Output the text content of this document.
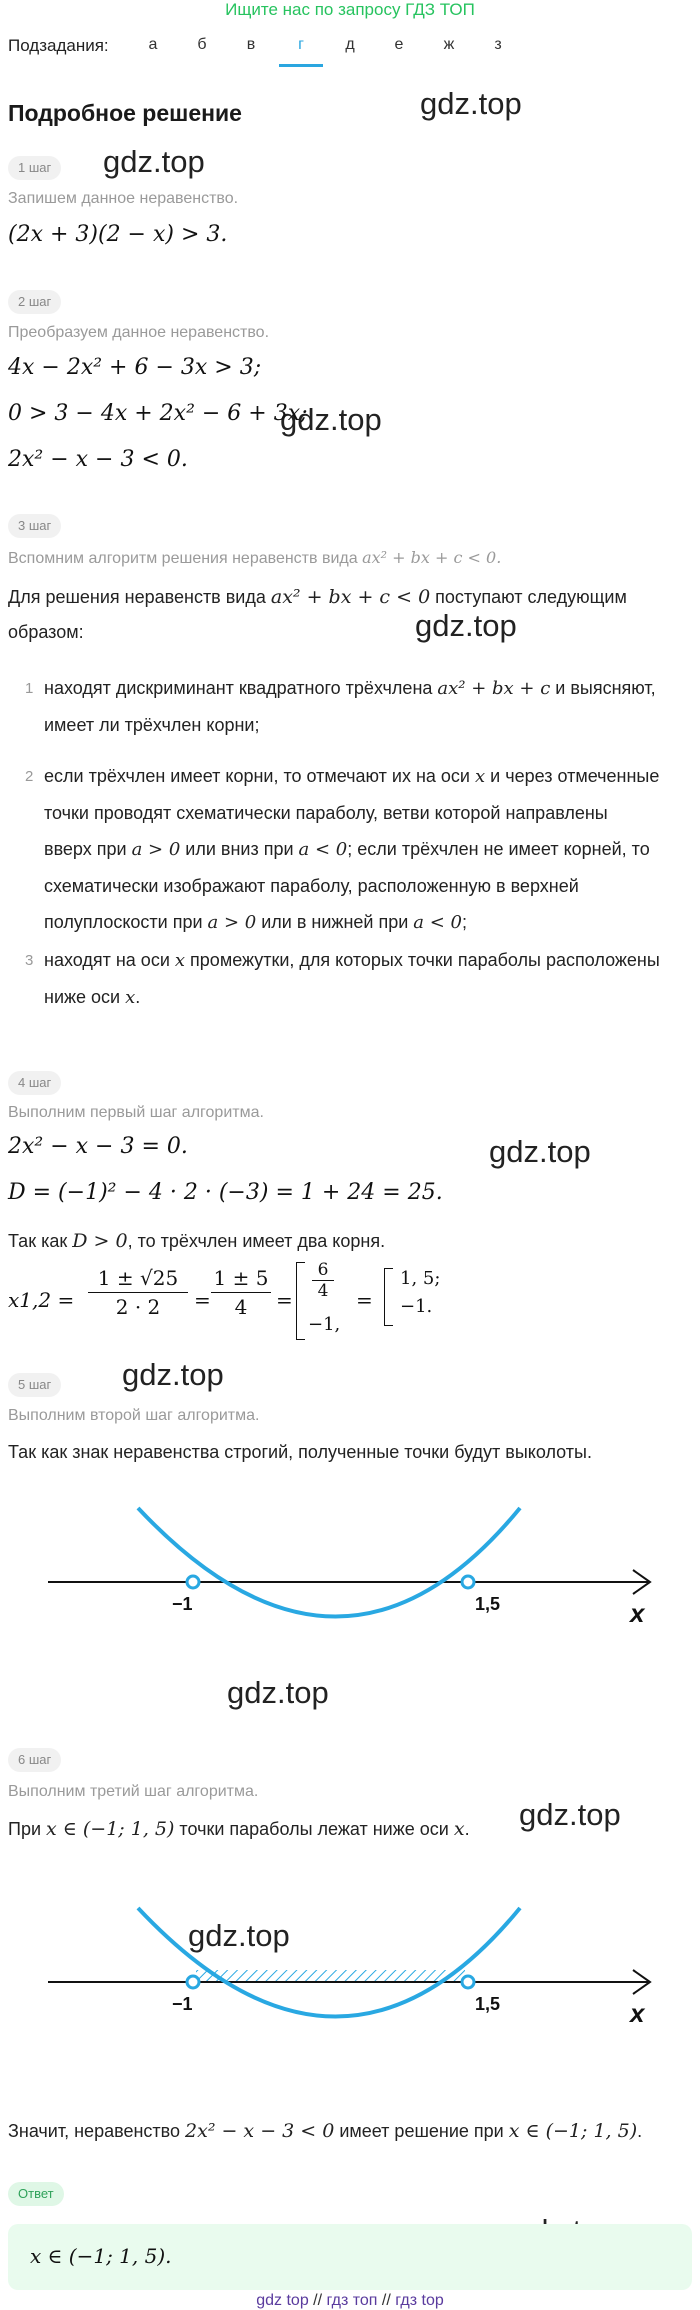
Ищите нас по запросу ГДЗ ТОП
Подзадания:	а	б	в	г	д	е	ж	з
Подробное решение	gdz.top
gdz.top
gdz.top
gdz.top
gdz.top
gdz.top
gdz.top
gdz.top
gdz.top
1 шаг
Запишем данное неравенство.
(2x + 3)(2 − x) > 3.
2 шаг
Преобразуем данное неравенство.
4x − 2x² + 6 − 3x > 3;
0 > 3 − 4x + 2x² − 6 + 3x;
2x² − x − 3 < 0.
3 шаг
Вспомним алгоритм решения неравенств вида ax² + bx + c < 0.
Для решения неравенств вида ax² + bx + c < 0 поступают следующим
образом:
1 находят дискриминант квадратного трёхчлена ax² + bx + c и выясняют,
имеет ли трёхчлен корни;
2 если трёхчлен имеет корни, то отмечают их на оси x и через отмеченные
точки проводят схематически параболу, ветви которой направлены
вверх при a > 0 или вниз при a < 0; если трёхчлен не имеет корней, то
схематически изображают параболу, расположенную в верхней
полуплоскости при a > 0 или в нижней при a < 0;
3 находят на оси x промежутки, для которых точки параболы расположены
ниже оси x.
4 шаг
Выполним первый шаг алгоритма.
2x² − x − 3 = 0.
D = (−1)² − 4 · 2 · (−3) = 1 + 24 = 25.
Так как D > 0, то трёхчлен имеет два корня.
x1,2 =
1 ± √25
2 · 2	=
1 ± 5
4	=
6
4
−1,
=
1, 5;
−1.
5 шаг
Выполним второй шаг алгоритма.
Так как знак неравенства строгий, полученные точки будут выколоты.
−1	1,5	x
6 шаг
Выполним третий шаг алгоритма.
При x ∈ (−1; 1, 5) точки параболы лежат ниже оси x.
−1	1,5	x
Значит, неравенство 2x² − x − 3 < 0 имеет решение при x ∈ (−1; 1, 5).
Ответ
x ∈ (−1; 1, 5).
gdz top // гдз топ // гдз top
